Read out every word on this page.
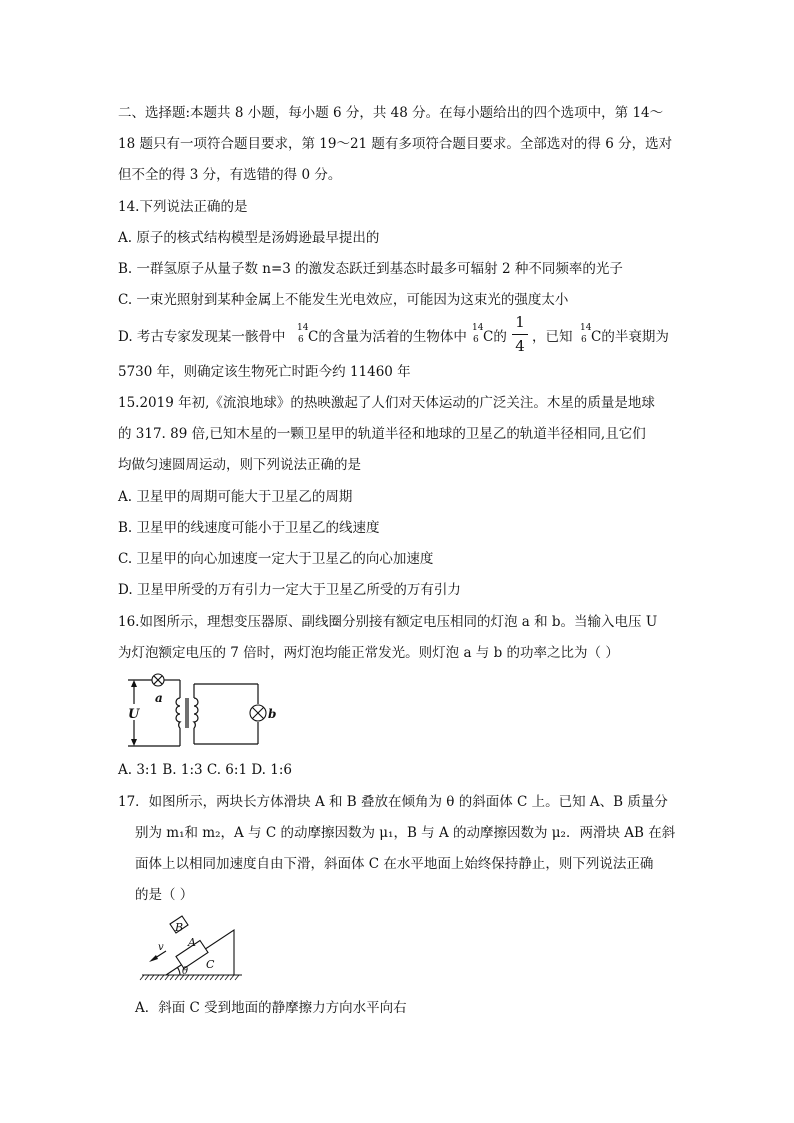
二、选择题:本题共 8 小题，每小题 6 分，共 48 分。在每小题给出的四个选项中，第 14～
18 题只有一项符合题目要求，第 19～21 题有多项符合题目要求。全部选对的得 6 分，选对
但不全的得 3 分，有选错的得 0 分。
14.下列说法正确的是
A. 原子的核式结构模型是汤姆逊最早提出的
B. 一群氢原子从量子数 n=3 的激发态跃迁到基态时最多可辐射 2 种不同频率的光子
C. 一束光照射到某种金属上不能发生光电效应，可能因为这束光的强度太小
D. 考古专家发现某一骸骨中
14
6 C的含量为活着的生物体中
14
6 C的
1
4 ，已知
14
6 C的半衰期为
5730 年，则确定该生物死亡时距今约 11460 年
15.2019 年初,《流浪地球》的热映激起了人们对天体运动的广泛关注。木星的质量是地球
的 317. 89 倍,已知木星的一颗卫星甲的轨道半径和地球的卫星乙的轨道半径相同,且它们
均做匀速圆周运动，则下列说法正确的是
A. 卫星甲的周期可能大于卫星乙的周期
B. 卫星甲的线速度可能小于卫星乙的线速度
C. 卫星甲的向心加速度一定大于卫星乙的向心加速度
D. 卫星甲所受的万有引力一定大于卫星乙所受的万有引力
16.如图所示，理想变压器原、副线圈分别接有额定电压相同的灯泡 a 和 b。当输入电压 U
为灯泡额定电压的 7 倍时，两灯泡均能正常发光。则灯泡 a 与 b 的功率之比为（ ）
U
a
b
A. 3:1 B. 1:3 C. 6:1 D. 1:6
17．如图所示，两块长方体滑块 A 和 B 叠放在倾角为 θ 的斜面体 C 上。已知 A、B 质量分
别为 m₁和 m₂，A 与 C 的动摩擦因数为 μ₁，B 与 A 的动摩擦因数为 μ₂．两滑块 AB 在斜
面体上以相同加速度自由下滑，斜面体 C 在水平地面上始终保持静止，则下列说法正确
的是（ ）
B
A
C
v
θ
A．斜面 C 受到地面的静摩擦力方向水平向右
